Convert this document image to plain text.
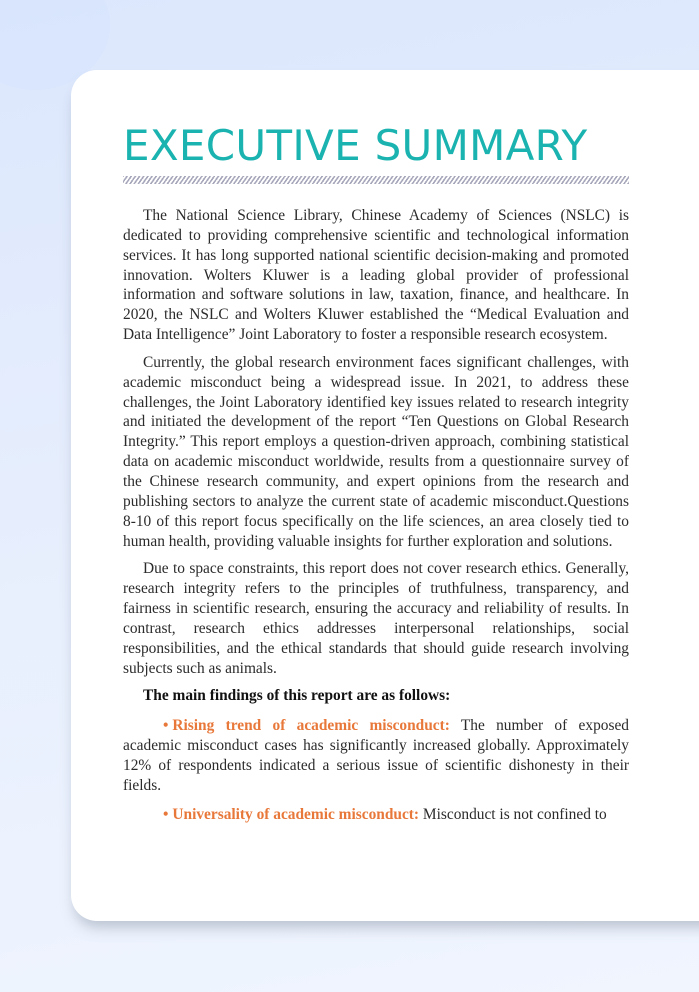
EXECUTIVE SUMMARY

The National Science Library, Chinese Academy of Sciences (NSLC) is dedicated to providing comprehensive scientific and technological information services. It has long supported national scientific decision-making and promoted innovation. Wolters Kluwer is a leading global provider of professional information and software solutions in law, taxation, finance, and healthcare. In 2020, the NSLC and Wolters Kluwer established the “Medical Evaluation and Data Intelligence” Joint Laboratory to foster a responsible research ecosystem.

Currently, the global research environment faces significant challenges, with academic misconduct being a widespread issue. In 2021, to address these challenges, the Joint Laboratory identified key issues related to research integrity and initiated the development of the report “Ten Questions on Global Research Integrity.” This report employs a question-driven approach, combining statistical data on academic misconduct worldwide, results from a questionnaire survey of the Chinese research community, and expert opinions from the research and publishing sectors to analyze the current state of academic misconduct.Questions 8-10 of this report focus specifically on the life sciences, an area closely tied to human health, providing valuable insights for further exploration and solutions.

Due to space constraints, this report does not cover research ethics. Generally, research integrity refers to the principles of truthfulness, transparency, and fairness in scientific research, ensuring the accuracy and reliability of results. In contrast, research ethics addresses interpersonal relationships, social responsibilities, and the ethical standards that should guide research involving subjects such as animals.

The main findings of this report are as follows:

• Rising trend of academic misconduct: The number of exposed academic misconduct cases has significantly increased globally. Approximately 12% of respondents indicated a serious issue of scientific dishonesty in their fields.

• Universality of academic misconduct: Misconduct is not confined to
